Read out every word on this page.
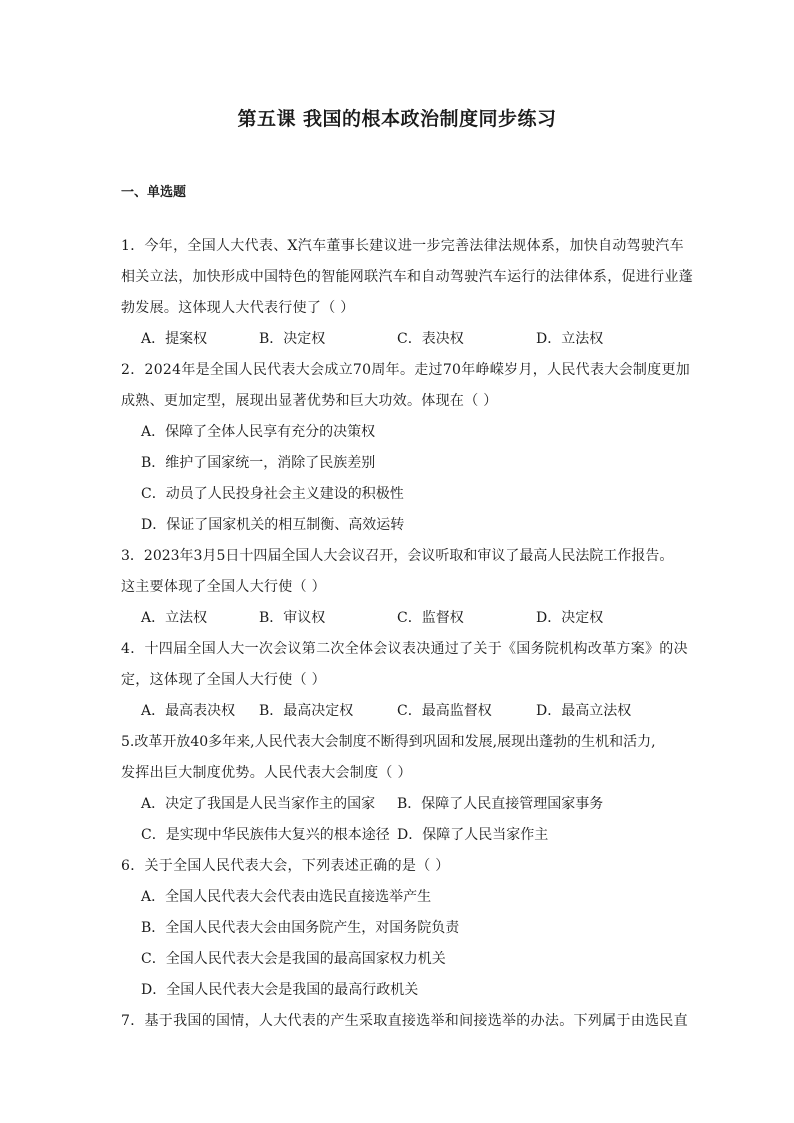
第五课 我国的根本政治制度同步练习
一、单选题
1．今年，全国人大代表、X汽车董事长建议进一步完善法律法规体系，加快自动驾驶汽车
相关立法，加快形成中国特色的智能网联汽车和自动驾驶汽车运行的法律体系，促进行业蓬
勃发展。这体现人大代表行使了（ ）
A．提案权	B．决定权	C．表决权	D．立法权
2．2024年是全国人民代表大会成立70周年。走过70年峥嵘岁月，人民代表大会制度更加
成熟、更加定型，展现出显著优势和巨大功效。体现在（ ）
A．保障了全体人民享有充分的决策权
B．维护了国家统一，消除了民族差别
C．动员了人民投身社会主义建设的积极性
D．保证了国家机关的相互制衡、高效运转
3．2023年3月5日十四届全国人大会议召开，会议听取和审议了最高人民法院工作报告。
这主要体现了全国人大行使（ ）
A．立法权	B．审议权	C．监督权	D．决定权
4．十四届全国人大一次会议第二次全体会议表决通过了关于《国务院机构改革方案》的决
定，这体现了全国人大行使（ ）
A．最高表决权 B．最高决定权	C．最高监督权	D．最高立法权
5.改革开放40多年来,人民代表大会制度不断得到巩固和发展,展现出蓬勃的生机和活力,
发挥出巨大制度优势。人民代表大会制度（ ）
A．决定了我国是人民当家作主的国家 B．保障了人民直接管理国家事务
C．是实现中华民族伟大复兴的根本途径 D．保障了人民当家作主
6．关于全国人民代表大会，下列表述正确的是（ ）
A．全国人民代表大会代表由选民直接选举产生
B．全国人民代表大会由国务院产生，对国务院负责
C．全国人民代表大会是我国的最高国家权力机关
D．全国人民代表大会是我国的最高行政机关
7．基于我国的国情，人大代表的产生采取直接选举和间接选举的办法。下列属于由选民直
